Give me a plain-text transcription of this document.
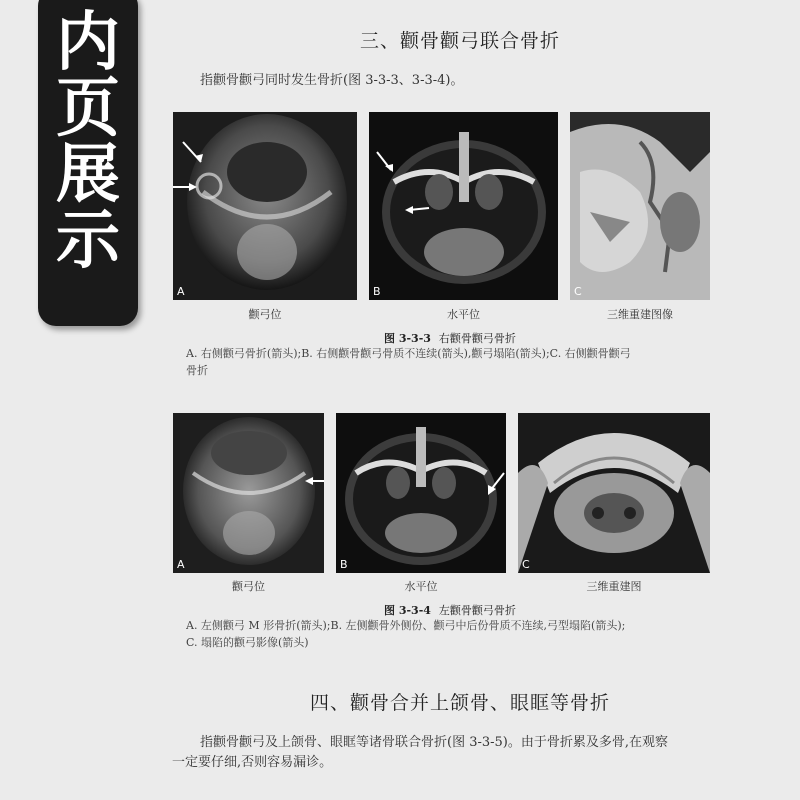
内
页
展
示
三、颧骨颧弓联合骨折
指颧骨颧弓同时发生骨折(图 3-3-3、3-3-4)。
A	B	C
颧弓位	水平位	三维重建图像
图 3-3-3 右颧骨颧弓骨折
A. 右侧颧弓骨折(箭头);B. 右侧颧骨颧弓骨质不连续(箭头),颧弓塌陷(箭头);C. 右侧颧骨颧弓
骨折
A	B	C
颧弓位	水平位	三维重建图
图 3-3-4 左颧骨颧弓骨折
A. 左侧颧弓 M 形骨折(箭头);B. 左侧颧骨外侧份、颧弓中后份骨质不连续,弓型塌陷(箭头);
C. 塌陷的颧弓影像(箭头)
四、颧骨合并上颌骨、眼眶等骨折
指颧骨颧弓及上颌骨、眼眶等诸骨联合骨折(图 3-3-5)。由于骨折累及多骨,在观察
一定要仔细,否则容易漏诊。
